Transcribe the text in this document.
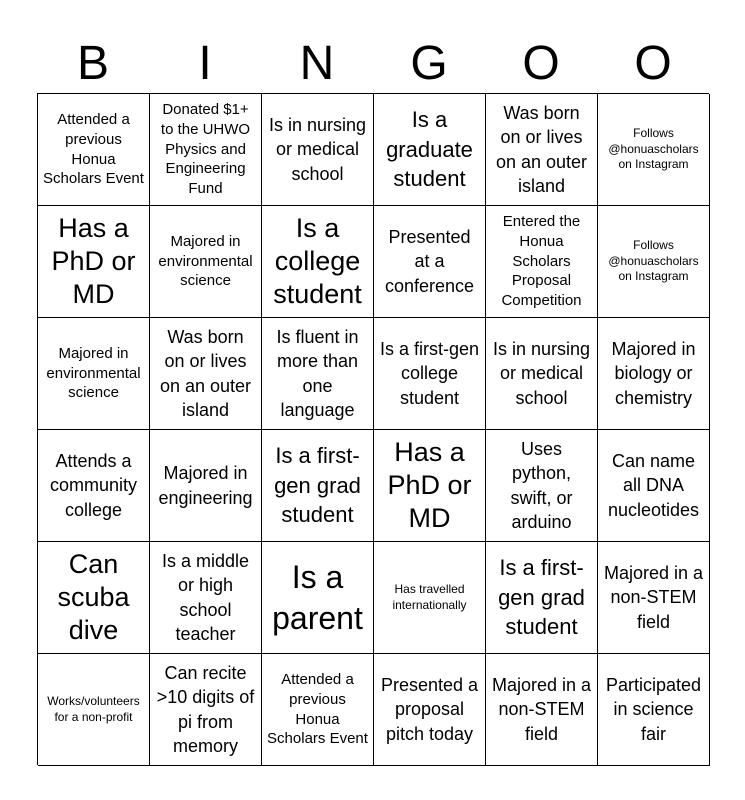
B	I	N	G	O	O
Attended a previous Honua Scholars Event
Donated $1+ to the UHWO Physics and Engineering Fund
Is in nursing or medical school
Is a graduate student
Was born on or lives on an outer island
Follows @honuascholars on Instagram
Has a PhD or MD
Majored in environmental science
Is a college student
Presented at a conference
Entered the Honua Scholars Proposal Competition
Follows @honuascholars on Instagram
Majored in environmental science
Was born on or lives on an outer island
Is fluent in more than one language
Is a first-gen college student
Is in nursing or medical school
Majored in biology or chemistry
Attends a community college
Majored in engineering
Is a first-gen grad student
Has a PhD or MD
Uses python, swift, or arduino
Can name all DNA nucleotides
Can scuba dive
Is a middle or high school teacher
Is a parent
Has travelled internationally
Is a first-gen grad student
Majored in a non-STEM field
Works/volunteers for a non-profit
Can recite >10 digits of pi from memory
Attended a previous Honua Scholars Event
Presented a proposal pitch today
Majored in a non-STEM field
Participated in science fair
